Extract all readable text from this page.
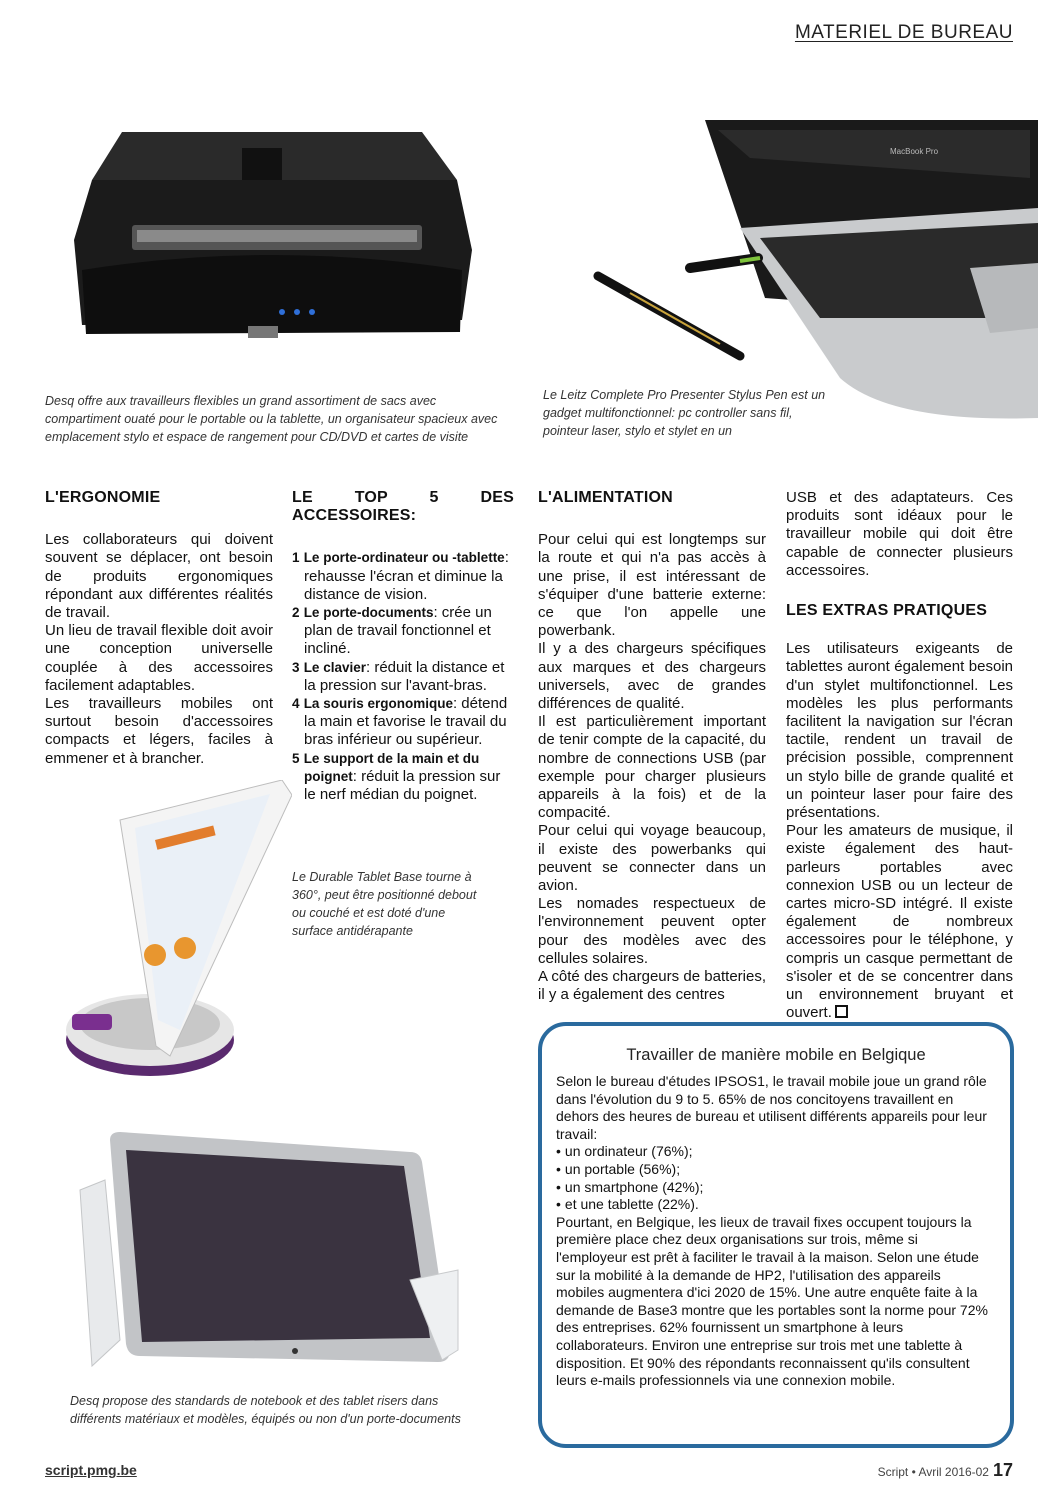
MATERIEL DE BUREAU
MacBook Pro
Desq offre aux travailleurs flexibles un grand assortiment de sacs avec compartiment ouaté pour le portable ou la tablette, un organisateur spacieux avec emplacement stylo et espace de rangement pour CD/DVD et cartes de visite
Le Leitz Complete Pro Presenter Stylus Pen est un gadget multifonctionnel: pc controller sans fil, pointeur laser, stylo et stylet en un
L'ERGONOMIE

Les collaborateurs qui doivent souvent se déplacer, ont besoin de produits ergonomiques répondant aux différentes réalités de travail.

Un lieu de travail flexible doit avoir une conception universelle couplée à des accessoires facilement adaptables.

Les travailleurs mobiles ont surtout besoin d'accessoires compacts et légers, faciles à emmener et à brancher.

LE TOP 5 DES ACCESSOIRES:
1 Le porte-ordinateur ou -tablette: rehausse l'écran et diminue la distance de vision.
2 Le porte-documents: crée un plan de travail fonctionnel et incliné.
3 Le clavier: réduit la distance et la pression sur l'avant-bras.
4 La souris ergonomique: détend la main et favorise le travail du bras inférieur ou supérieur.
5 Le support de la main et du poignet: réduit la pression sur le nerf médian du poignet.
L'ALIMENTATION

Pour celui qui est longtemps sur la route et qui n'a pas accès à une prise, il est intéressant de s'équiper d'une batterie externe: ce que l'on appelle une powerbank.

Il y a des chargeurs spécifiques aux marques et des chargeurs universels, avec de grandes différences de qualité.

Il est particulièrement important de tenir compte de la capacité, du nombre de connections USB (par exemple pour charger plusieurs appareils à la fois) et de la compacité.

Pour celui qui voyage beaucoup, il existe des powerbanks qui peuvent se connecter dans un avion.

Les nomades respectueux de l'environnement peuvent opter pour des modèles avec des cellules solaires.

A côté des chargeurs de batteries, il y a également des centres

USB et des adaptateurs. Ces produits sont idéaux pour le travailleur mobile qui doit être capable de connecter plusieurs accessoires.

LES EXTRAS PRATIQUES

Les utilisateurs exigeants de tablettes auront également besoin d'un stylet multifonctionnel. Les modèles les plus performants facilitent la navigation sur l'écran tactile, rendent un travail de précision possible, comprennent un stylo bille de grande qualité et un pointeur laser pour faire des présentations.

Pour les amateurs de musique, il existe également des haut-parleurs portables avec connexion USB ou un lecteur de cartes micro-SD intégré. Il existe également de nombreux accessoires pour le téléphone, y compris un casque permettant de s'isoler et de se concentrer dans un environnement bruyant et ouvert.

Le Durable Tablet Base tourne à 360°, peut être positionné debout ou couché et est doté d'une surface antidérapante
Desq propose des standards de notebook et des tablet risers dans différents matériaux et modèles, équipés ou non d'un porte-documents
Travailler de manière mobile en Belgique

Selon le bureau d'études IPSOS1, le travail mobile joue un grand rôle dans l'évolution du 9 to 5. 65% de nos concitoyens travaillent en dehors des heures de bureau et utilisent différents appareils pour leur travail:

• un ordinateur (76%);
• un portable (56%);
• un smartphone (42%);
• et une tablette (22%).

Pourtant, en Belgique, les lieux de travail fixes occupent toujours la première place chez deux organisations sur trois, même si l'employeur est prêt à faciliter le travail à la maison. Selon une étude sur la mobilité à la demande de HP2, l'utilisation des appareils mobiles augmentera d'ici 2020 de 15%. Une autre enquête faite à la demande de Base3 montre que les portables sont la norme pour 72% des entreprises. 62% fournissent un smartphone à leurs collaborateurs. Environ une entreprise sur trois met une tablette à disposition. Et 90% des répondants reconnaissent qu'ils consultent leurs e-mails professionnels via une connexion mobile.

script.pmg.be	Script • Avril 2016-02 17
